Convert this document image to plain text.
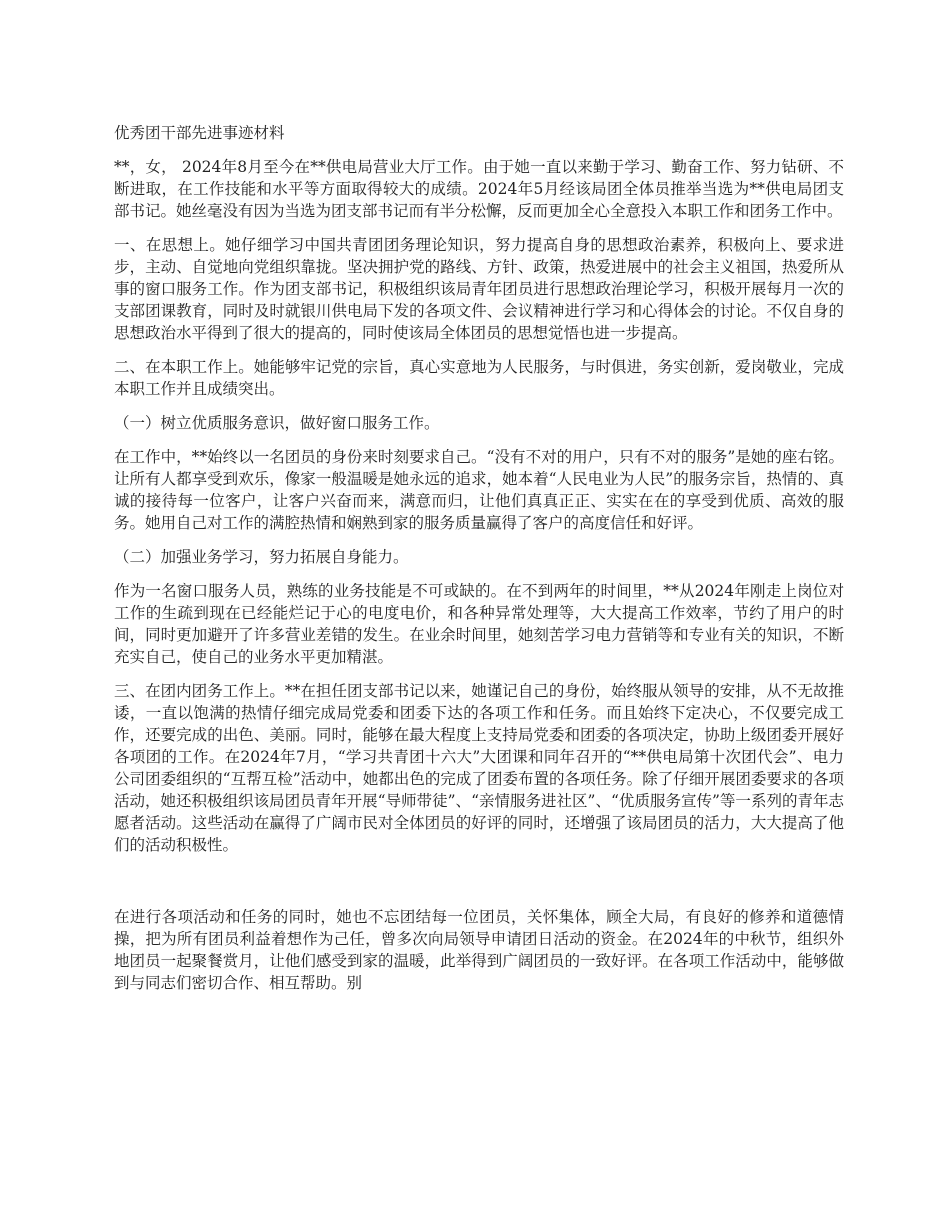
优秀团干部先进事迹材料

**，女， 2024年8月至今在**供电局营业大厅工作。由于她一直以来勤于学习、勤奋工作、努力钻研、不断进取，在工作技能和水平等方面取得较大的成绩。2024年5月经该局团全体员推举当选为**供电局团支部书记。她丝毫没有因为当选为团支部书记而有半分松懈，反而更加全心全意投入本职工作和团务工作中。

一、在思想上。她仔细学习中国共青团团务理论知识，努力提高自身的思想政治素养，积极向上、要求进步，主动、自觉地向党组织靠拢。坚决拥护党的路线、方针、政策，热爱进展中的社会主义祖国，热爱所从事的窗口服务工作。作为团支部书记，积极组织该局青年团员进行思想政治理论学习，积极开展每月一次的支部团课教育，同时及时就银川供电局下发的各项文件、会议精神进行学习和心得体会的讨论。不仅自身的思想政治水平得到了很大的提高的，同时使该局全体团员的思想觉悟也进一步提高。

二、在本职工作上。她能够牢记党的宗旨，真心实意地为人民服务，与时俱进，务实创新，爱岗敬业，完成本职工作并且成绩突出。

（一）树立优质服务意识，做好窗口服务工作。

在工作中，**始终以一名团员的身份来时刻要求自己。“没有不对的用户，只有不对的服务”是她的座右铭。让所有人都享受到欢乐，像家一般温暖是她永远的追求，她本着“人民电业为人民”的服务宗旨，热情的、真诚的接待每一位客户，让客户兴奋而来，满意而归，让他们真真正正、实实在在的享受到优质、高效的服务。她用自己对工作的满腔热情和娴熟到家的服务质量赢得了客户的高度信任和好评。

（二）加强业务学习，努力拓展自身能力。

作为一名窗口服务人员，熟练的业务技能是不可或缺的。在不到两年的时间里，**从2024年刚走上岗位对工作的生疏到现在已经能烂记于心的电度电价，和各种异常处理等，大大提高工作效率，节约了用户的时间，同时更加避开了许多营业差错的发生。在业余时间里，她刻苦学习电力营销等和专业有关的知识，不断充实自己，使自己的业务水平更加精湛。

三、在团内团务工作上。**在担任团支部书记以来，她谨记自己的身份，始终服从领导的安排，从不无故推诿，一直以饱满的热情仔细完成局党委和团委下达的各项工作和任务。而且始终下定决心，不仅要完成工作，还要完成的出色、美丽。同时，能够在最大程度上支持局党委和团委的各项决定，协助上级团委开展好各项团的工作。在2024年7月，“学习共青团十六大”大团课和同年召开的“**供电局第十次团代会”、电力公司团委组织的“互帮互检”活动中，她都出色的完成了团委布置的各项任务。除了仔细开展团委要求的各项活动，她还积极组织该局团员青年开展“导师带徒”、“亲情服务进社区”、“优质服务宣传”等一系列的青年志愿者活动。这些活动在赢得了广阔市民对全体团员的好评的同时，还增强了该局团员的活力，大大提高了他们的活动积极性。

在进行各项活动和任务的同时，她也不忘团结每一位团员，关怀集体，顾全大局，有良好的修养和道德情操，把为所有团员利益着想作为己任，曾多次向局领导申请团日活动的资金。在2024年的中秋节，组织外地团员一起聚餐赏月，让他们感受到家的温暖，此举得到广阔团员的一致好评。在各项工作活动中，能够做到与同志们密切合作、相互帮助。别
